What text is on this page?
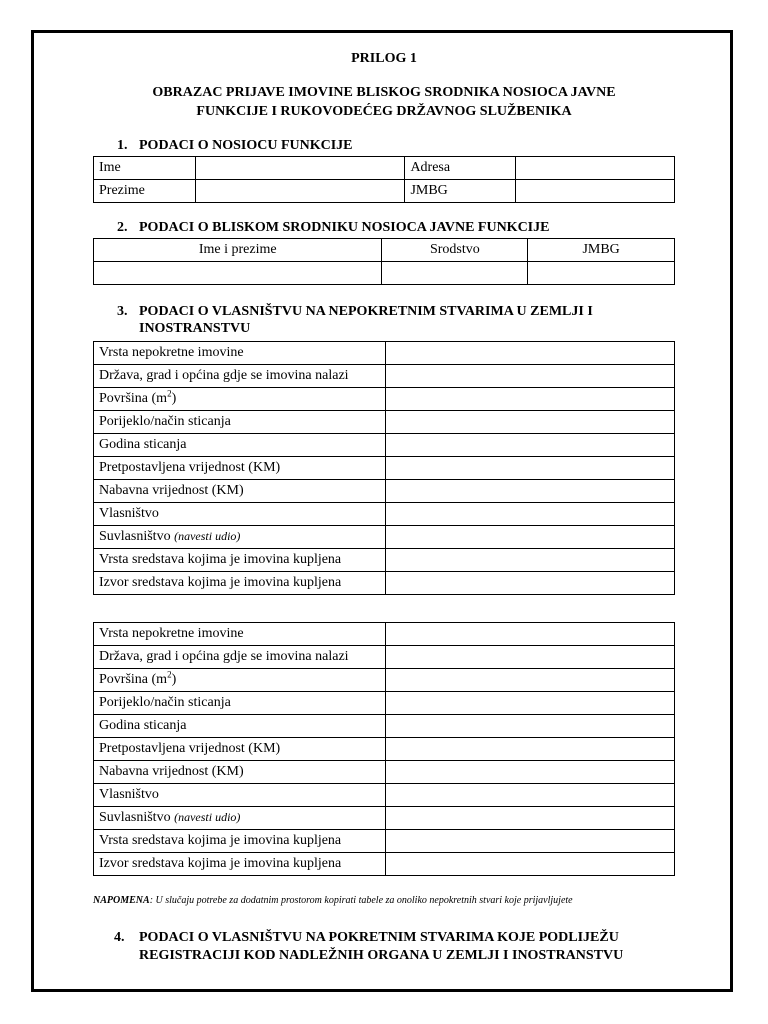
PRILOG 1
OBRAZAC PRIJAVE IMOVINE BLISKOG SRODNIKA NOSIOCA JAVNE
FUNKCIJE I RUKOVODEĆEG DRŽAVNOG SLUŽBENIKA
1. PODACI O NOSIOCU FUNKCIJE
Ime		Adresa	
Prezime		JMBG	
2. PODACI O BLISKOM SRODNIKU NOSIOCA JAVNE FUNKCIJE
Ime i prezime	Srodstvo	JMBG

3. PODACI O VLASNIŠTVU NA NEPOKRETNIM STVARIMA U ZEMLJI I
INOSTRANSTVU
Vrsta nepokretne imovine	
Država, grad i općina gdje se imovina nalazi	
Površina $(m^2)$	
Porijeklo/način sticanja	
Godina sticanja	
Pretpostavljena vrijednost (KM)	
Nabavna vrijednost (KM)	
Vlasništvo	
Suvlasništvo (navesti udio)	
Vrsta sredstava kojima je imovina kupljena	
Izvor sredstava kojima je imovina kupljena	
Vrsta nepokretne imovine	
Država, grad i općina gdje se imovina nalazi	
Površina $(m^2)$	
Porijeklo/način sticanja	
Godina sticanja	
Pretpostavljena vrijednost (KM)	
Nabavna vrijednost (KM)	
Vlasništvo	
Suvlasništvo (navesti udio)	
Vrsta sredstava kojima je imovina kupljena	
Izvor sredstava kojima je imovina kupljena	
NAPOMENA: U slučaju potrebe za dodatnim prostorom kopirati tabele za onoliko nepokretnih stvari koje prijavljujete
4. PODACI O VLASNIŠTVU NA POKRETNIM STVARIMA KOJE PODLIJEŽU
REGISTRACIJI KOD NADLEŽNIH ORGANA U ZEMLJI I INOSTRANSTVU
